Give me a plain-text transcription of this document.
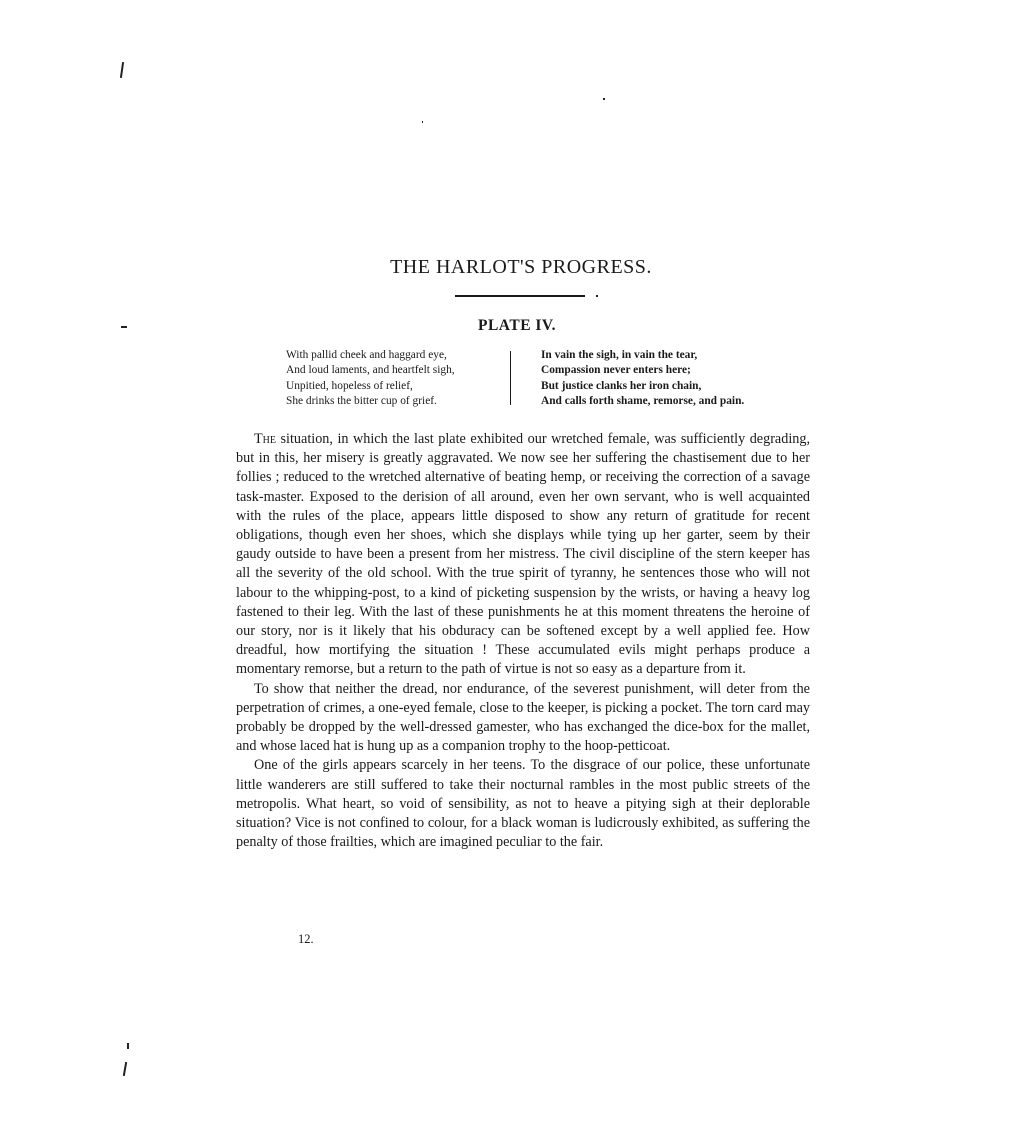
THE HARLOT'S PROGRESS.
PLATE IV.
With pallid cheek and haggard eye,
And loud laments, and heartfelt sigh,
Unpitied, hopeless of relief,
She drinks the bitter cup of grief.
In vain the sigh, in vain the tear,
Compassion never enters here;
But justice clanks her iron chain,
And calls forth shame, remorse, and pain.

The situation, in which the last plate exhibited our wretched female, was sufficiently degrading, but in this, her misery is greatly aggravated. We now see her suffering the chastisement due to her follies ; reduced to the wretched alternative of beating hemp, or receiving the correction of a savage task-master. Exposed to the derision of all around, even her own servant, who is well acquainted with the rules of the place, appears little disposed to show any return of gratitude for recent obligations, though even her shoes, which she displays while tying up her garter, seem by their gaudy outside to have been a present from her mistress. The civil discipline of the stern keeper has all the severity of the old school. With the true spirit of tyranny, he sentences those who will not labour to the whipping-post, to a kind of picketing suspension by the wrists, or having a heavy log fastened to their leg. With the last of these punishments he at this moment threatens the heroine of our story, nor is it likely that his obduracy can be softened except by a well applied fee. How dreadful, how mortifying the situation ! These accumulated evils might perhaps produce a momentary remorse, but a return to the path of virtue is not so easy as a departure from it.

To show that neither the dread, nor endurance, of the severest punishment, will deter from the perpetration of crimes, a one-eyed female, close to the keeper, is picking a pocket. The torn card may probably be dropped by the well-dressed gamester, who has exchanged the dice-box for the mallet, and whose laced hat is hung up as a companion trophy to the hoop-petticoat.

One of the girls appears scarcely in her teens. To the disgrace of our police, these unfortunate little wanderers are still suffered to take their nocturnal rambles in the most public streets of the metropolis. What heart, so void of sensibility, as not to heave a pitying sigh at their deplorable situation? Vice is not confined to colour, for a black woman is ludicrously exhibited, as suffering the penalty of those frailties, which are imagined peculiar to the fair.

12.
